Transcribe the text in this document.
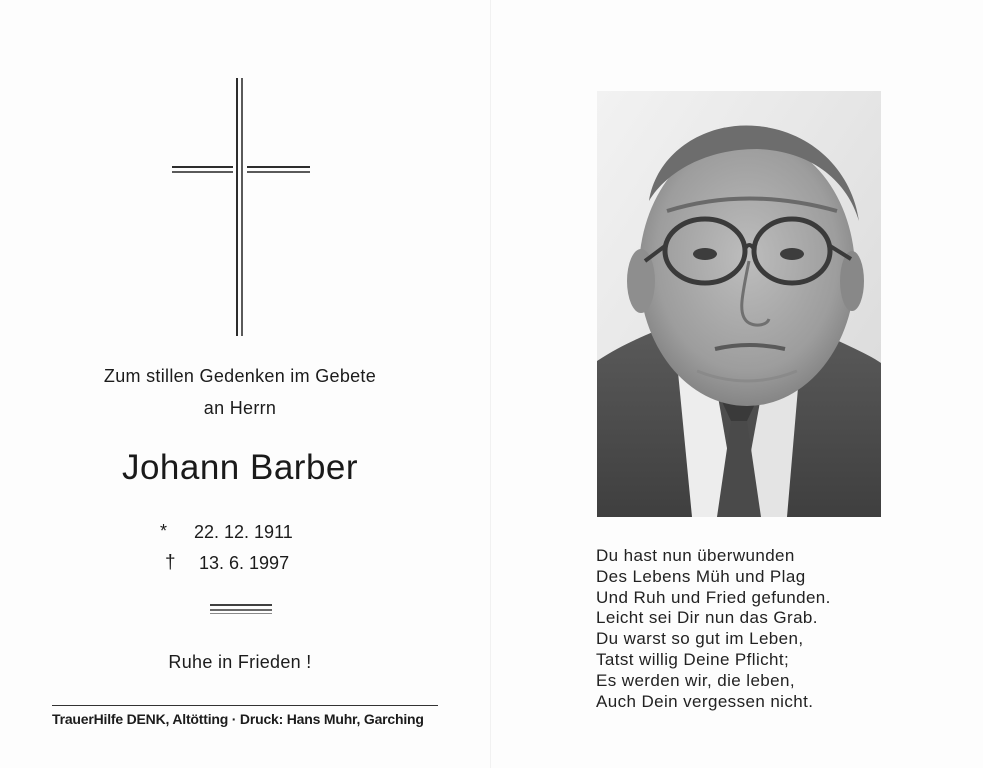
Zum stillen Gedenken im Gebete
an Herrn
Johann Barber
* 22. 12. 1911
† 13. 6. 1997
Ruhe in Frieden !
TrauerHilfe DENK, Altötting · Druck: Hans Muhr, Garching
Du hast nun überwunden
Des Lebens Müh und Plag
Und Ruh und Fried gefunden.
Leicht sei Dir nun das Grab.
Du warst so gut im Leben,
Tatst willig Deine Pflicht;
Es werden wir, die leben,
Auch Dein vergessen nicht.
